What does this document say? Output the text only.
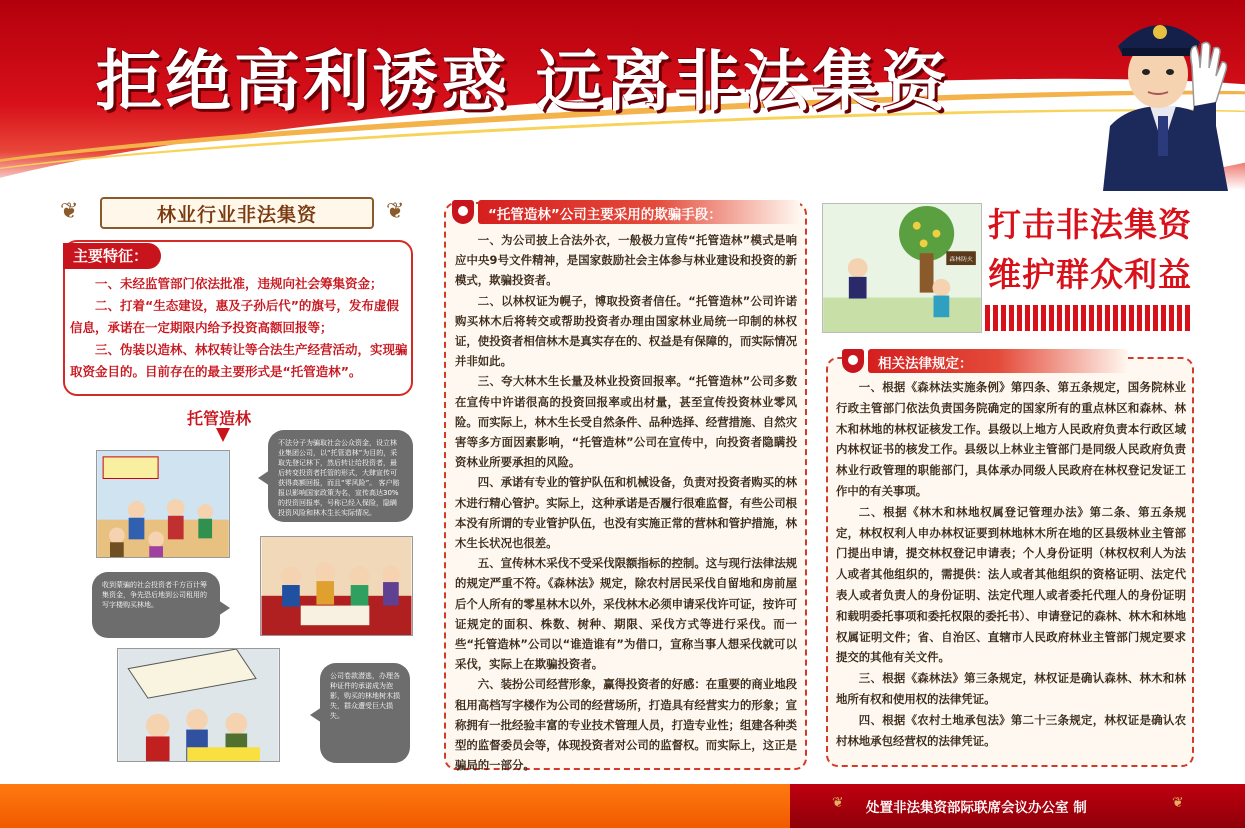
拒绝高利诱惑 远离非法集资
❦	林业行业非法集资	❦
主要特征：

一、未经监管部门依法批准，违规向社会筹集资金；

二、打着“生态建设，惠及子孙后代”的旗号，发布虚假信息，承诺在一定期限内给予投资高额回报等；

三、伪装以造林、林权转让等合法生产经营活动，实现骗取资金目的。目前存在的最主要形式是“托管造林”。

托管造林
不法分子为骗取社会公众资金，设立林业集团公司，以“托管造林”为目的，采取先登记林下，然后转让给投资者，最后转变投资者托管的形式，大肆宣传可获得高额回报，而且“零风险”。 客户赔报以影响国家政策为名，宣传高达30%的投资回报率，号称已经入保险，隐瞒投资风险和林木生长实际情况。
收到蒙骗的社会投资者千方百计筹集资金，争先恐后地到公司租用的写字楼购买林地。
公司卷款潜逃，办理各种证件的承诺成为泡影，购买的林地树木损失，群众遭受巨大损失。
“托管造林”公司主要采用的欺骗手段：

一、为公司披上合法外衣，一般极力宣传“托管造林”模式是响应中央9号文件精神，是国家鼓励社会主体参与林业建设和投资的新模式，欺骗投资者。

二、以林权证为幌子，博取投资者信任。“托管造林”公司许诺购买林木后将转交或帮助投资者办理由国家林业局统一印制的林权证，使投资者相信林木是真实存在的、权益是有保障的，而实际情况并非如此。

三、夸大林木生长量及林业投资回报率。“托管造林”公司多数在宣传中许诺很高的投资回报率或出材量，甚至宣传投资林业零风险。而实际上，林木生长受自然条件、品种选择、经营措施、自然灾害等多方面因素影响，“托管造林”公司在宣传中，向投资者隐瞒投资林业所要承担的风险。

四、承诺有专业的管护队伍和机械设备，负责对投资者购买的林木进行精心管护。实际上，这种承诺是否履行很难监督，有些公司根本没有所谓的专业管护队伍，也没有实施正常的营林和管护措施，林木生长状况也很差。

五、宣传林木采伐不受采伐限额指标的控制。这与现行法律法规的规定严重不符。《森林法》规定，除农村居民采伐自留地和房前屋后个人所有的零星林木以外，采伐林木必须申请采伐许可证，按许可证规定的面积、株数、树种、期限、采伐方式等进行采伐。而一些“托管造林”公司以“谁造谁有”为借口，宣称当事人想采伐就可以采伐，实际上在欺骗投资者。

六、装扮公司经营形象，赢得投资者的好感：在重要的商业地段租用高档写字楼作为公司的经营场所，打造具有经营实力的形象；宣称拥有一批经验丰富的专业技术管理人员，打造专业性；组建各种类型的监督委员会等，体现投资者对公司的监督权。而实际上，这正是骗局的一部分。

森林防火
打击非法集资
维护群众利益
相关法律规定：

一、根据《森林法实施条例》第四条、第五条规定，国务院林业行政主管部门依法负责国务院确定的国家所有的重点林区和森林、林木和林地的林权证核发工作。县级以上地方人民政府负责本行政区域内林权证书的核发工作。县级以上林业主管部门是同级人民政府负责林业行政管理的职能部门，具体承办同级人民政府在林权登记发证工作中的有关事项。

二、根据《林木和林地权属登记管理办法》第二条、第五条规定，林权权利人申办林权证要到林地林木所在地的区县级林业主管部门提出申请，提交林权登记申请表；个人身份证明（林权权利人为法人或者其他组织的，需提供：法人或者其他组织的资格证明、法定代表人或者负责人的身份证明、法定代理人或者委托代理人的身份证明和载明委托事项和委托权限的委托书）、申请登记的森林、林木和林地权属证明文件；省、自治区、直辖市人民政府林业主管部门规定要求提交的其他有关文件。

三、根据《森林法》第三条规定，林权证是确认森林、林木和林地所有权和使用权的法律凭证。

四、根据《农村土地承包法》第二十三条规定，林权证是确认农村林地承包经营权的法律凭证。

❦ 处置非法集资部际联席会议办公室 制	❦
